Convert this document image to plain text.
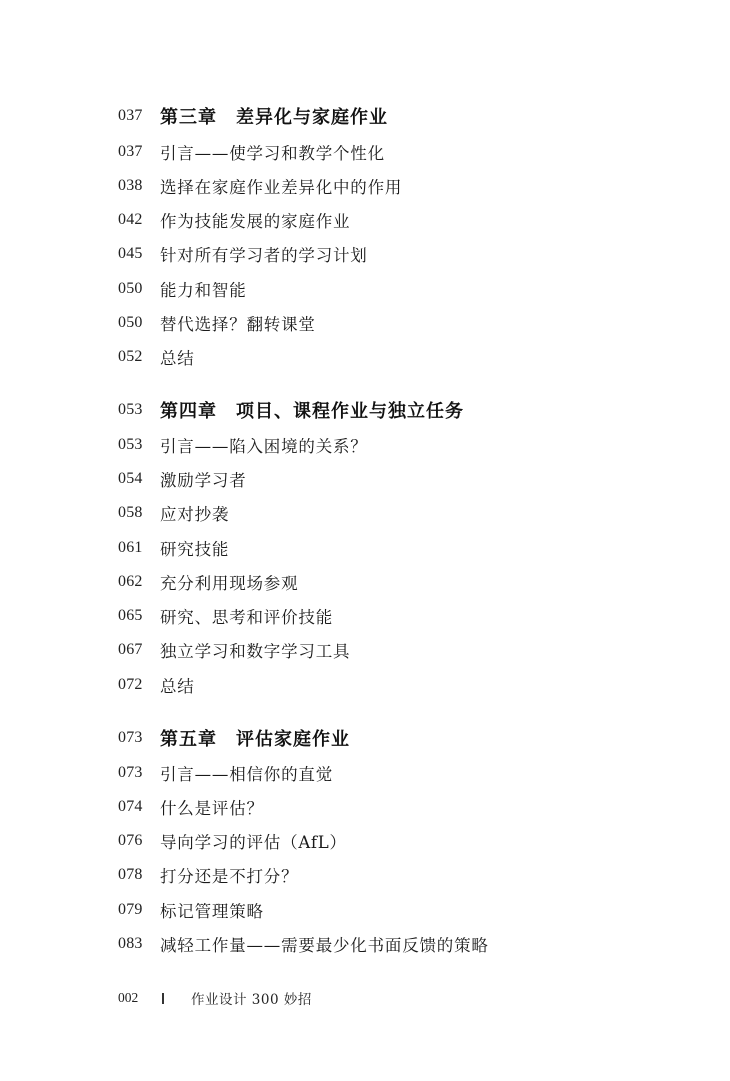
037 第三章　差异化与家庭作业
037	引言——使学习和教学个性化
038	选择在家庭作业差异化中的作用
042	作为技能发展的家庭作业
045	针对所有学习者的学习计划
050	能力和智能
050	替代选择？翻转课堂
052	总结
053 第四章　项目、课程作业与独立任务
053	引言——陷入困境的关系？
054	激励学习者
058	应对抄袭
061	研究技能
062	充分利用现场参观
065	研究、思考和评价技能
067	独立学习和数字学习工具
072	总结
073 第五章　评估家庭作业
073	引言——相信你的直觉
074	什么是评估？
076	导向学习的评估（AfL）
078	打分还是不打分？
079	标记管理策略
083	减轻工作量——需要最少化书面反馈的策略
002	作业设计 300 妙招
